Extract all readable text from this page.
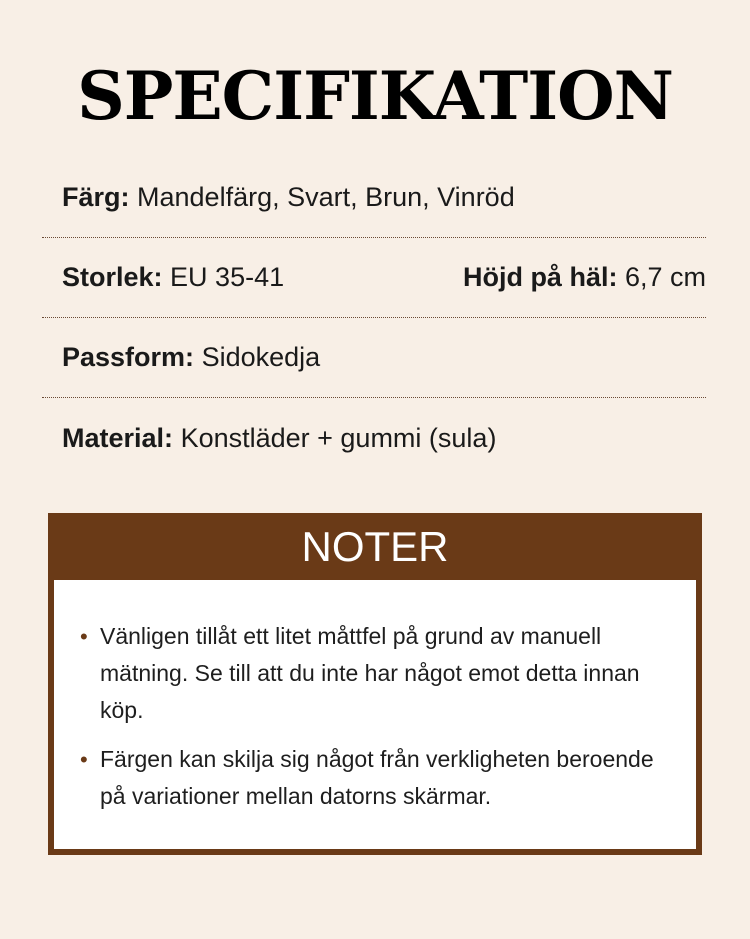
SPECIFIKATION
Färg: Mandelfärg, Svart, Brun, Vinröd
Storlek: EU 35-41	Höjd på häl: 6,7 cm
Passform: Sidokedja
Material: Konstläder + gummi (sula)
NOTER
• Vänligen tillåt ett litet måttfel på grund av manuell mätning. Se till att du inte har något emot detta innan köp.
• Färgen kan skilja sig något från verkligheten beroende på variationer mellan datorns skärmar.
